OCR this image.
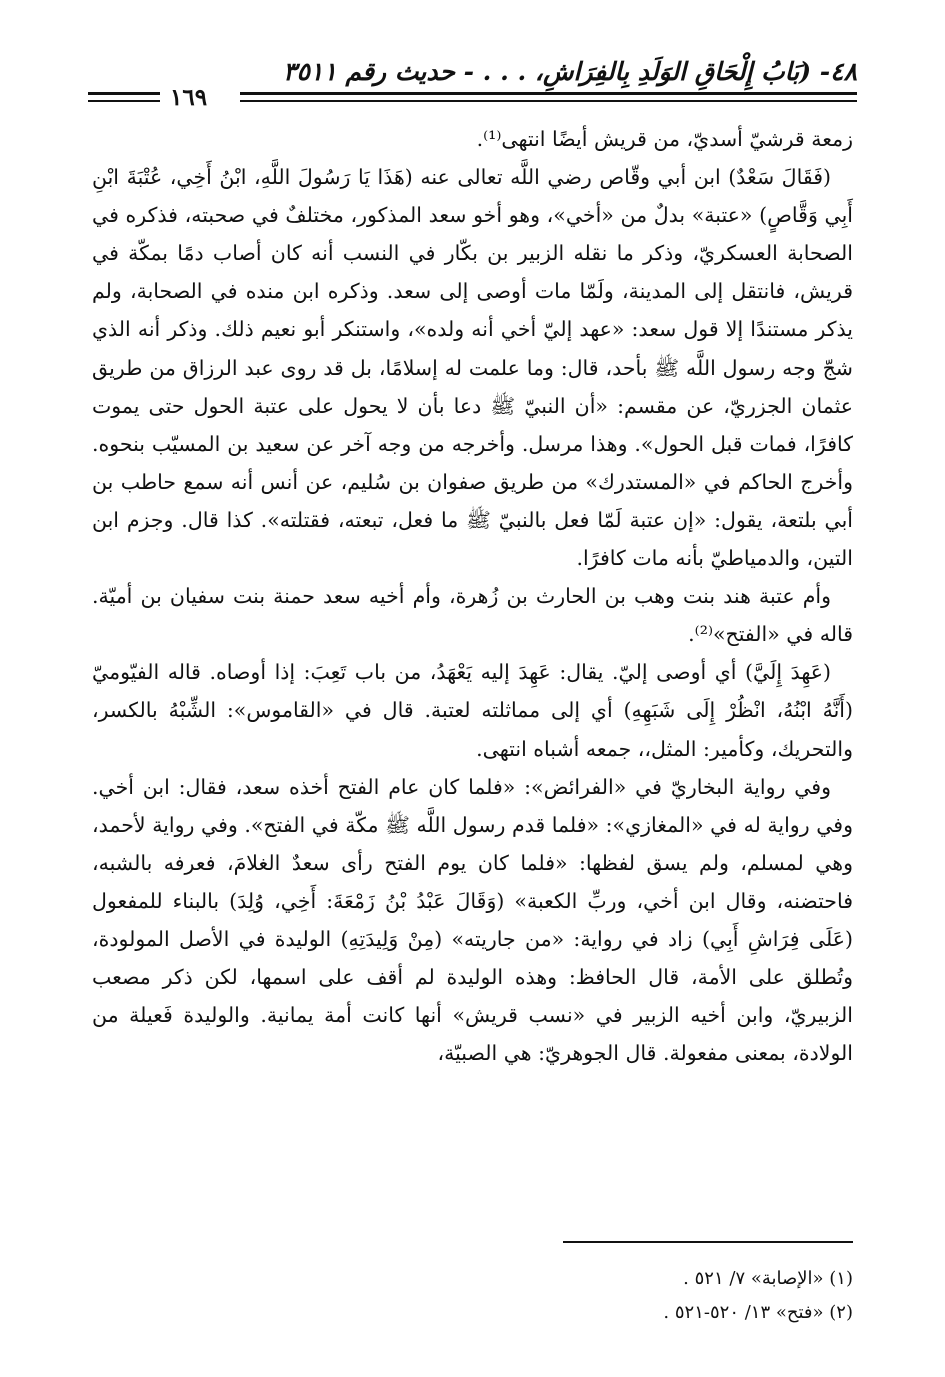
٤٨- (بَابُ إِلْحَاقِ الوَلَدِ بِالفِرَاشِ، . . . - حديث رقم ٣٥١١
١٦٩

زمعة قرشيّ أسديّ، من قريش أيضًا انتهى⁽¹⁾.

(فَقَالَ سَعْدٌ) ابن أبي وقّاص رضي اللَّه تعالى عنه (هَذَا يَا رَسُولَ اللَّهِ، ابْنُ أَخِي، عُتْبَةَ ابْنِ أَبِي وَقَّاصٍ) «عتبة» بدلٌ من «أخي»، وهو أخو سعد المذكور، مختلفٌ في صحبته، فذكره في الصحابة العسكريّ، وذكر ما نقله الزبير بن بكّار في النسب أنه كان أصاب دمًا بمكّة في قريش، فانتقل إلى المدينة، ولَمّا مات أوصى إلى سعد. وذكره ابن منده في الصحابة، ولم يذكر مستندًا إلا قول سعد: «عهد إليّ أخي أنه ولده»، واستنكر أبو نعيم ذلك. وذكر أنه الذي شجّ وجه رسول اللَّه ﷺ بأحد، قال: وما علمت له إسلامًا، بل قد روى عبد الرزاق من طريق عثمان الجزريّ، عن مقسم: «أن النبيّ ﷺ دعا بأن لا يحول على عتبة الحول حتى يموت كافرًا، فمات قبل الحول». وهذا مرسل. وأخرجه من وجه آخر عن سعيد بن المسيّب بنحوه. وأخرج الحاكم في «المستدرك» من طريق صفوان بن سُليم، عن أنس أنه سمع حاطب بن أبي بلتعة، يقول: «إن عتبة لَمّا فعل بالنبيّ ﷺ ما فعل، تبعته، فقتلته». كذا قال. وجزم ابن التين، والدمياطيّ بأنه مات كافرًا.

وأم عتبة هند بنت وهب بن الحارث بن زُهرة، وأم أخيه سعد حمنة بنت سفيان بن أميّة. قاله في «الفتح»⁽²⁾.

(عَهِدَ إِلَيَّ) أي أوصى إليّ. يقال: عَهِدَ إليه يَعْهَدُ، من باب تَعِبَ: إذا أوصاه. قاله الفيّوميّ (أَنَّهُ ابْنُهُ، انْظُرْ إِلَى شَبَهِهِ) أي إلى مماثلته لعتبة. قال في «القاموس»: الشِّبْهُ بالكسر، والتحريك، وكأمير: المثل،، جمعه أشباه انتهى.

وفي رواية البخاريّ في «الفرائض»: «فلما كان عام الفتح أخذه سعد، فقال: ابن أخي. وفي رواية له في «المغازي»: «فلما قدم رسول اللَّه ﷺ مكّة في الفتح». وفي رواية لأحمد، وهي لمسلم، ولم يسق لفظها: «فلما كان يوم الفتح رأى سعدٌ الغلامَ، فعرفه بالشبه، فاحتضنه، وقال ابن أخي، وربِّ الكعبة» (وَقَالَ عَبْدُ بْنُ زَمْعَةَ: أَخِي، وُلِدَ) بالبناء للمفعول (عَلَى فِرَاشِ أَبِي) زاد في رواية: «من جاريته» (مِنْ وَلِيدَتِهِ) الوليدة في الأصل المولودة، وتُطلق على الأمة، قال الحافظ: وهذه الوليدة لم أقف على اسمها، لكن ذكر مصعب الزبيريّ، وابن أخيه الزبير في «نسب قريش» أنها كانت أمة يمانية. والوليدة فَعيلة من الولادة، بمعنى مفعولة. قال الجوهريّ: هي الصبيّة،

(١) «الإصابة» ٧/ ٥٢١ .
(٢) «فتح» ١٣/ ٥٢٠-٥٢١ .
